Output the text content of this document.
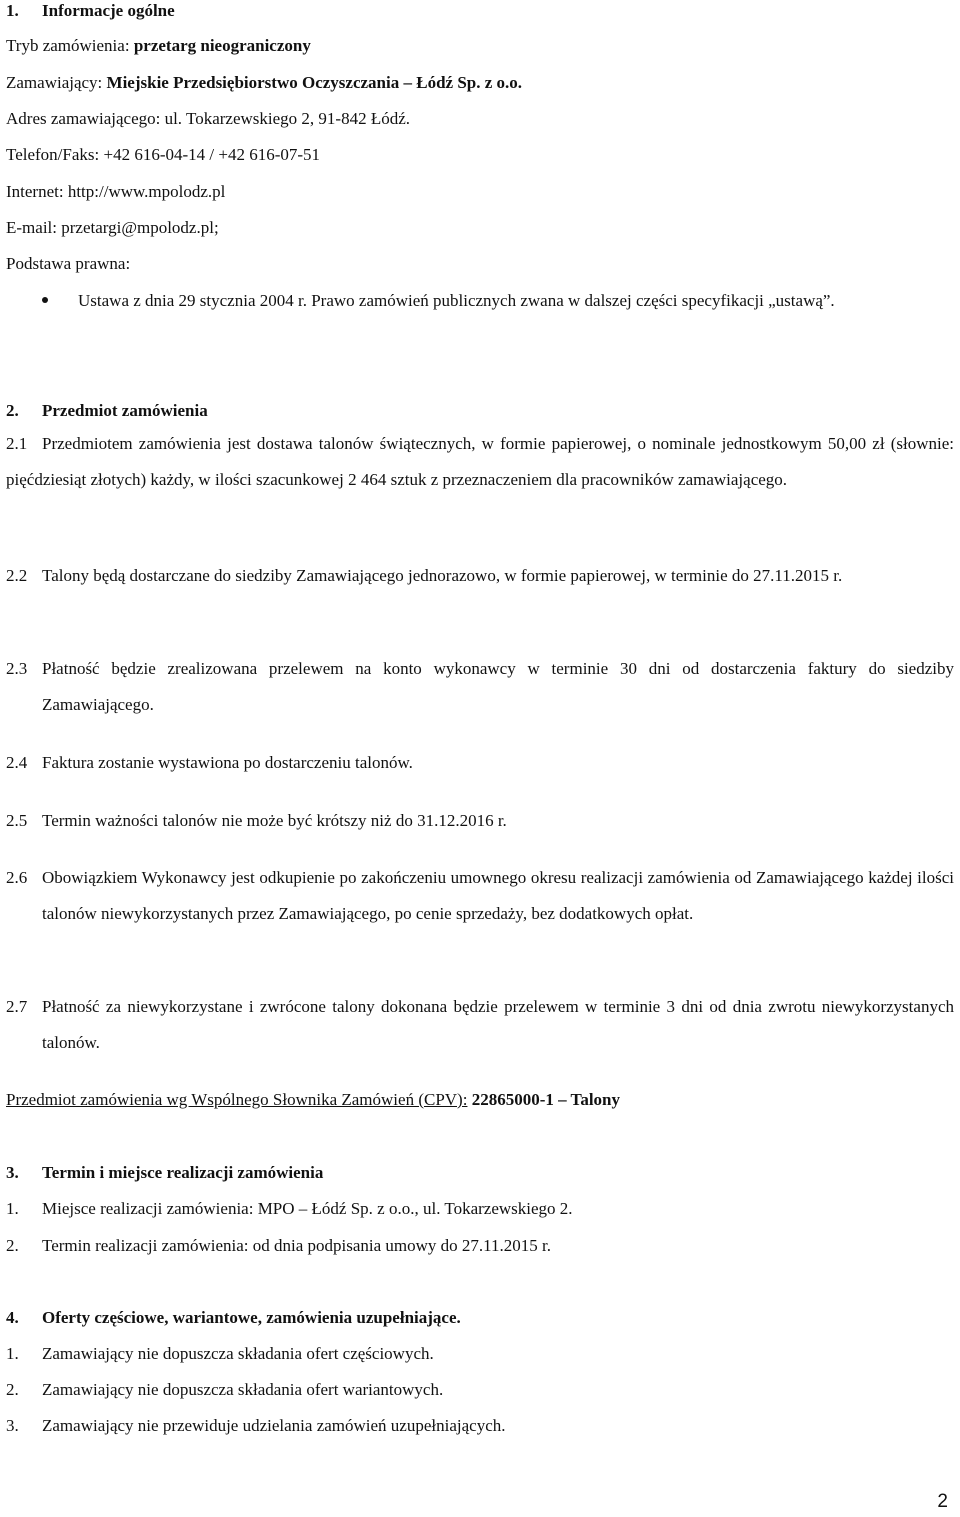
1. Informacje ogólne
Tryb zamówienia: przetarg nieograniczony
Zamawiający: Miejskie Przedsiębiorstwo Oczyszczania – Łódź Sp. z o.o.
Adres zamawiającego: ul. Tokarzewskiego 2, 91-842 Łódź.
Telefon/Faks: +42 616-04-14 / +42 616-07-51
Internet: http://www.mpolodz.pl
E-mail: przetargi@mpolodz.pl;
Podstawa prawna:
Ustawa z dnia 29 stycznia 2004 r. Prawo zamówień publicznych zwana w dalszej części specyfikacji „ustawą”.
2. Przedmiot zamówienia
2.1 Przedmiotem zamówienia jest dostawa talonów świątecznych, w formie papierowej, o nominale jednostkowym 50,00 zł (słownie: pięćdziesiąt złotych) każdy, w ilości szacunkowej 2 464 sztuk z przeznaczeniem dla pracowników zamawiającego.
2.2 Talony będą dostarczane do siedziby Zamawiającego jednorazowo, w formie papierowej, w terminie do 27.11.2015 r.
2.3 Płatność będzie zrealizowana przelewem na konto wykonawcy w terminie 30 dni od dostarczenia faktury do siedziby Zamawiającego.
2.4 Faktura zostanie wystawiona po dostarczeniu talonów.
2.5 Termin ważności talonów nie może być krótszy niż do 31.12.2016 r.
2.6 Obowiązkiem Wykonawcy jest odkupienie po zakończeniu umownego okresu realizacji zamówienia od Zamawiającego każdej ilości talonów niewykorzystanych przez Zamawiającego, po cenie sprzedaży, bez dodatkowych opłat.
2.7 Płatność za niewykorzystane i zwrócone talony dokonana będzie przelewem w terminie 3 dni od dnia zwrotu niewykorzystanych talonów.
Przedmiot zamówienia wg Wspólnego Słownika Zamówień (CPV): 22865000-1 – Talony
3. Termin i miejsce realizacji zamówienia
1. Miejsce realizacji zamówienia: MPO – Łódź Sp. z o.o., ul. Tokarzewskiego 2.
2. Termin realizacji zamówienia: od dnia podpisania umowy do 27.11.2015 r.
4. Oferty częściowe, wariantowe, zamówienia uzupełniające.
1. Zamawiający nie dopuszcza składania ofert częściowych.
2. Zamawiający nie dopuszcza składania ofert wariantowych.
3. Zamawiający nie przewiduje udzielania zamówień uzupełniających.
2
